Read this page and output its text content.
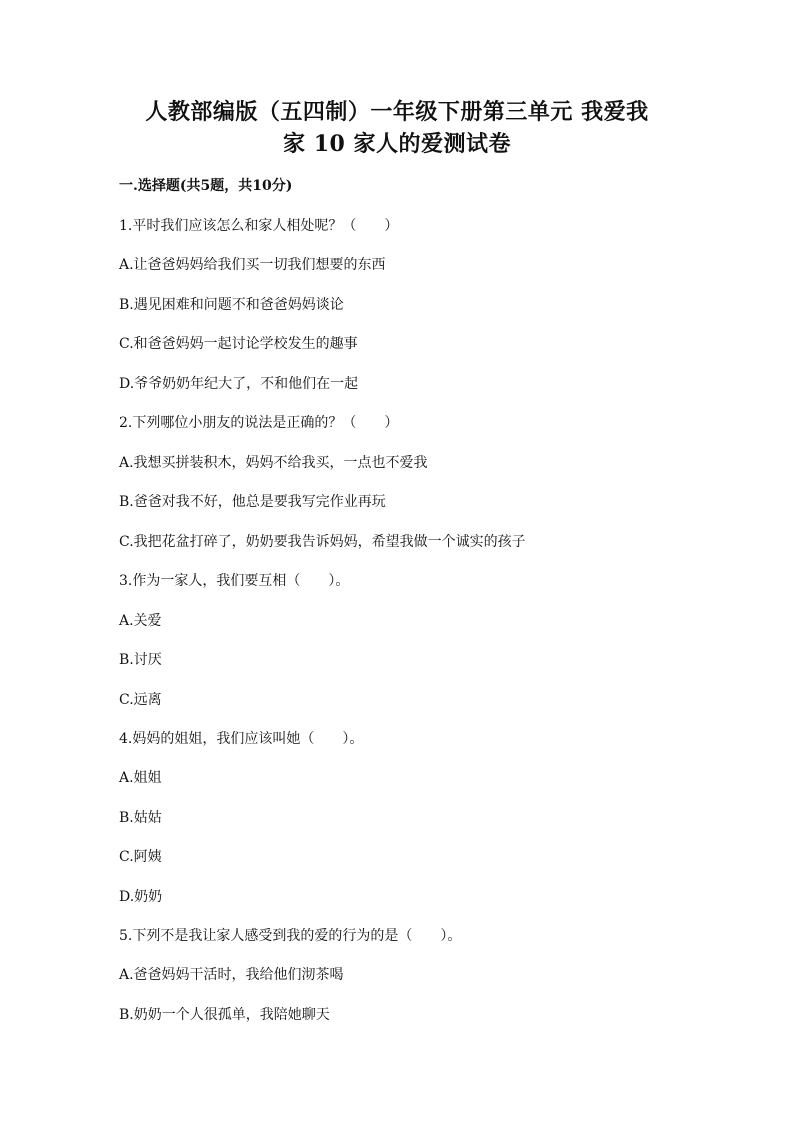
人教部编版（五四制）一年级下册第三单元 我爱我
家 10 家人的爱测试卷
一.选择题(共5题，共10分)
1.平时我们应该怎么和家人相处呢？（　　）
A.让爸爸妈妈给我们买一切我们想要的东西
B.遇见困难和问题不和爸爸妈妈谈论
C.和爸爸妈妈一起讨论学校发生的趣事
D.爷爷奶奶年纪大了，不和他们在一起
2.下列哪位小朋友的说法是正确的？（　　）
A.我想买拼装积木，妈妈不给我买，一点也不爱我
B.爸爸对我不好，他总是要我写完作业再玩
C.我把花盆打碎了，奶奶要我告诉妈妈，希望我做一个诚实的孩子
3.作为一家人，我们要互相（　　）。
A.关爱
B.讨厌
C.远离
4.妈妈的姐姐，我们应该叫她（　　）。
A.姐姐
B.姑姑
C.阿姨
D.奶奶
5.下列不是我让家人感受到我的爱的行为的是（　　）。
A.爸爸妈妈干活时，我给他们沏茶喝
B.奶奶一个人很孤单，我陪她聊天
